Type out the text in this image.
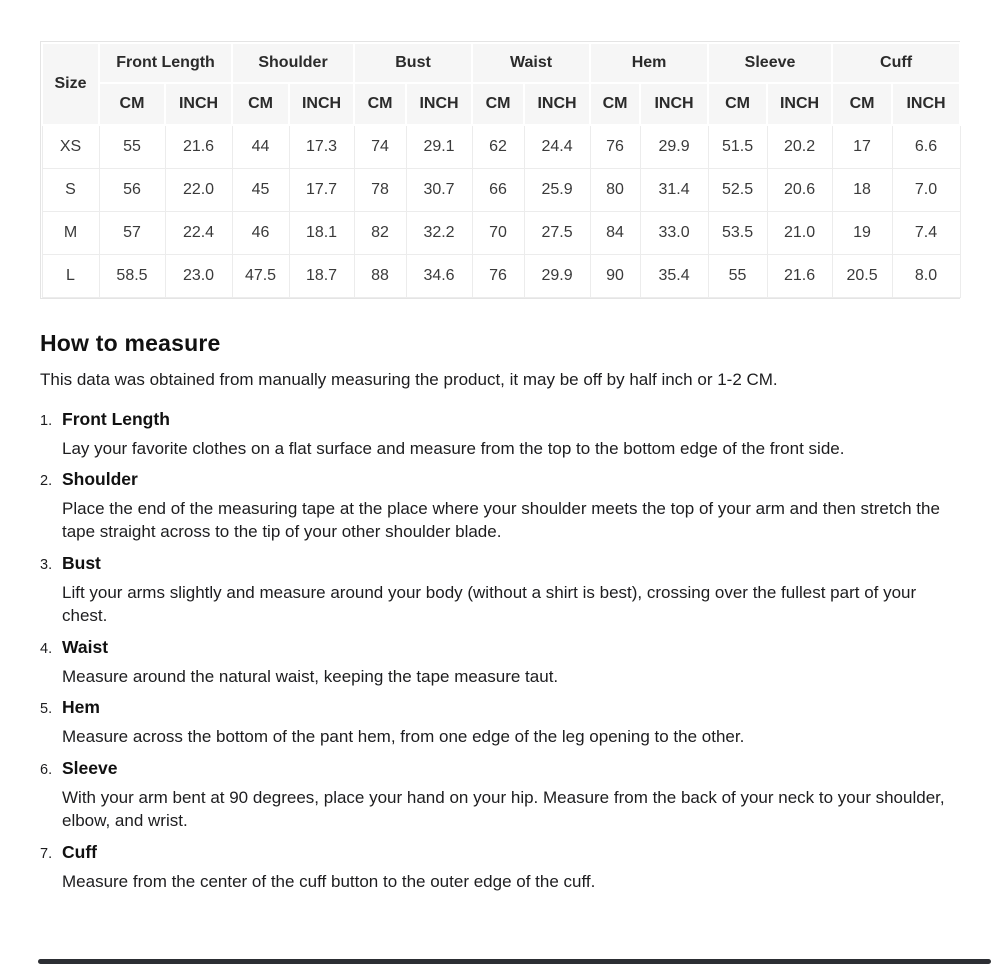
Size	Front Length		Shoulder		Bust		Waist		Hem		Sleeve		Cuff	
	CM	INCH	CM	INCH	CM	INCH	CM	INCH	CM	INCH	CM	INCH	CM	INCH
XS	55	21.6	44	17.3	74	29.1	62	24.4	76	29.9	51.5	20.2	17	6.6
S	56	22.0	45	17.7	78	30.7	66	25.9	80	31.4	52.5	20.6	18	7.0
M	57	22.4	46	18.1	82	32.2	70	27.5	84	33.0	53.5	21.0	19	7.4
L	58.5	23.0	47.5	18.7	88	34.6	76	29.9	90	35.4	55	21.6	20.5	8.0
How to measure

This data was obtained from manually measuring the product, it may be off by half inch or 1-2 CM.

1. Front Length

Lay your favorite clothes on a flat surface and measure from the top to the bottom edge of the front side.

2. Shoulder

Place the end of the measuring tape at the place where your shoulder meets the top of your arm and then stretch the tape straight across to the tip of your other shoulder blade.

3. Bust

Lift your arms slightly and measure around your body (without a shirt is best), crossing over the fullest part of your chest.

4. Waist

Measure around the natural waist, keeping the tape measure taut.

5. Hem

Measure across the bottom of the pant hem, from one edge of the leg opening to the other.

6. Sleeve

With your arm bent at 90 degrees, place your hand on your hip. Measure from the back of your neck to your shoulder, elbow, and wrist.

7. Cuff

Measure from the center of the cuff button to the outer edge of the cuff.
